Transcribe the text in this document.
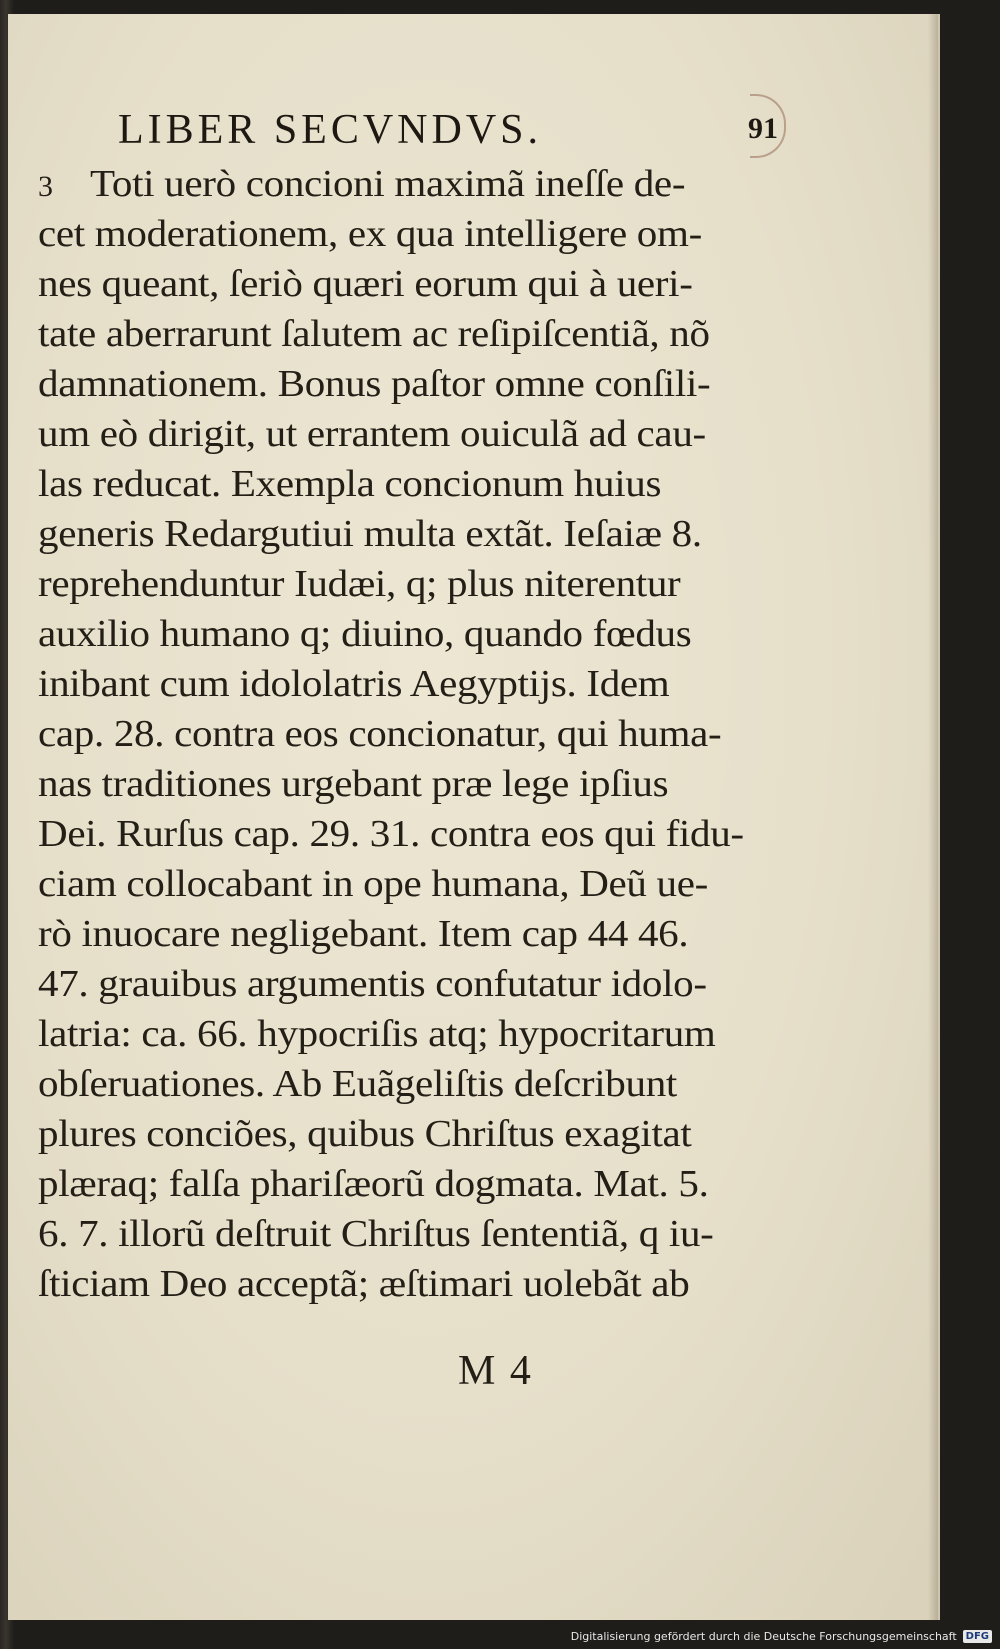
LIBER SECVNDVS.	91
3 Toti uerò concioni maximã ineſſe de-
cet moderationem, ex qua intelligere om-
nes queant, ſeriò quæri eorum qui à ueri-
tate aberrarunt ſalutem ac reſipiſcentiã, nõ
damnationem. Bonus paſtor omne conſili-
um eò dirigit, ut errantem ouiculã ad cau-
las reducat. Exempla concionum huius
generis Redargutiui multa extãt. Ieſaiæ 8.
reprehenduntur Iudæi, q; plus niterentur
auxilio humano q; diuino, quando fœdus
inibant cum idololatris Aegyptijs. Idem
cap. 28. contra eos concionatur, qui huma-
nas traditiones urgebant præ lege ipſius
Dei. Rurſus cap. 29. 31. contra eos qui fidu-
ciam collocabant in ope humana, Deũ ue-
rò inuocare negligebant. Item cap 44 46.
47. grauibus argumentis confutatur idolo-
latria: ca. 66. hypocriſis atq; hypocritarum
obſeruationes. Ab Euãgeliſtis deſcribunt
plures conciões, quibus Chriſtus exagitat
plæraq; falſa phariſæorũ dogmata. Mat. 5.
6. 7. illorũ deſtruit Chriſtus ſententiã, q iu-
ſticiam Deo acceptã; æſtimari uolebãt ab
M 4
Digitalisierung gefördert durch die Deutsche Forschungsgemeinschaft DFG
